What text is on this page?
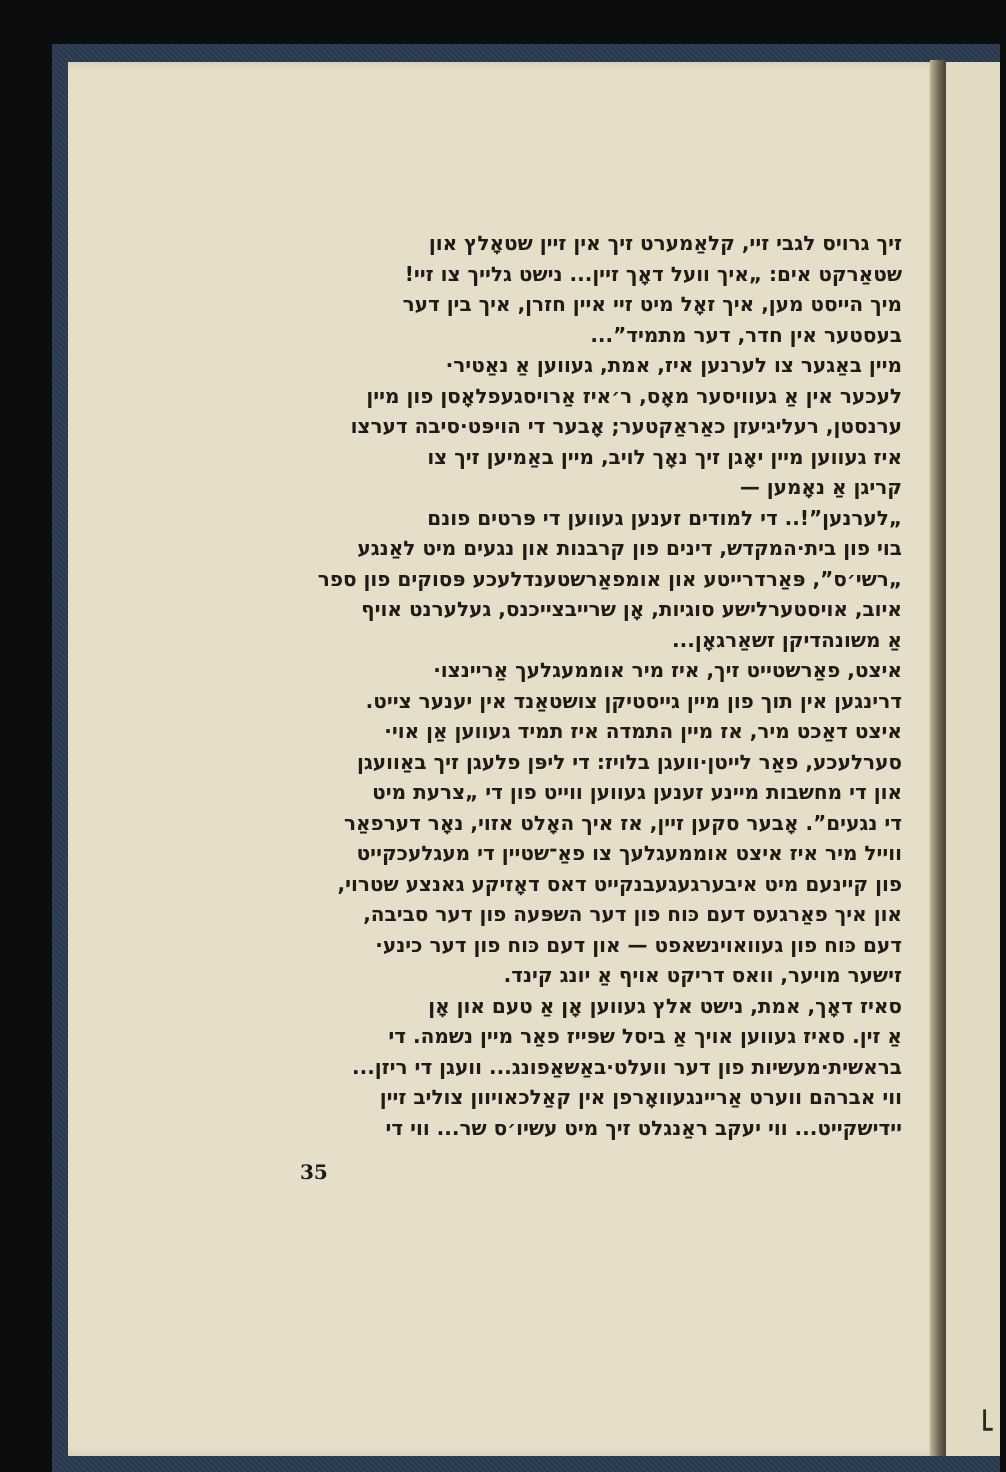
⌐

זיך גרויס לגבי זיי, קלאַמערט זיך אין זיין שטאָלץ און
שטאַרקט אים: „איך וועל דאָך זיין... נישט גלייך צו זיי!
מיך הייסט מען, איך זאָל מיט זיי איין חזרן, איך בין דער
בעסטער אין חדר, דער מתמיד”...

מיין באַגער צו לערנען איז, אמת, געווען אַ נאַטיר·
לעכער אין אַ געוויסער מאָס, ר׳איז אַרויסגעפלאָסן פון מיין
ערנסטן, רעליגיעזן כאַראַקטער; אָבער די הויפּט·סיבה דערצו
איז געווען מיין יאָגן זיך נאָך לויב, מיין באַמיען זיך צו
קריגן אַ נאָמען —

„לערנען”!.. די למודים זענען געווען די פּרטים פונם
בוי פון בית·המקדש, דינים פון קרבנות און נגעים מיט לאַנגע
„רשי׳ס”, פּאַרדרייטע און אומפאַרשטענדלעכע פּסוקים פון ספר
איוב, אויסטערלישע סוגיות, אָן שרייבצייכנס, געלערנט אויף
אַ משונהדיקן זשאַרגאָן...

איצט, פאַרשטייט זיך, איז מיר אוממעגלעך אַריינצו·
דרינגען אין תוך פון מיין גייסטיקן צושטאַנד אין יענער צייט.
איצט דאַכט מיר, אז מיין התמדה איז תמיד געווען אַן אוי·
סערלעכע, פאַר לייטן·וועגן בלויז: די ליפּן פלעגן זיך באַוועגן
און די מחשבות מיינע זענען געווען ווייט פון די „צרעת מיט
די נגעים”. אָבער סקען זיין, אז איך האָלט אזוי, נאָר דערפאַר
ווייל מיר איז איצט אוממעגלעך צו פאַ־שטיין די מעגלעכקייט
פון קיינעם מיט איבערגעגעבנקייט דאס דאָזיקע גאנצע שטרוי,
און איך פאַרגעס דעם כּוח פון דער השפּעה פון דער סביבה,
דעם כּוח פון געוואוינשאפט — און דעם כּוח פון דער כינע·
זישער מויער, וואס דריקט אויף אַ יונג קינד.

סאיז דאָך, אמת, נישט אלץ געווען אָן אַ טעם און אָן
אַ זין. סאיז געווען אויך אַ ביסל שפּייז פאַר מיין נשמה. די
בראשית·מעשיות פון דער וועלט·באַשאַפונג... וועגן די ריזן...
ווי אברהם ווערט אַריינגעוואָרפן אין קאַלכאויוון צוליב זיין
יידישקייט... ווי יעקב ראַנגלט זיך מיט עשיו׳ס שר... ווי די

35
